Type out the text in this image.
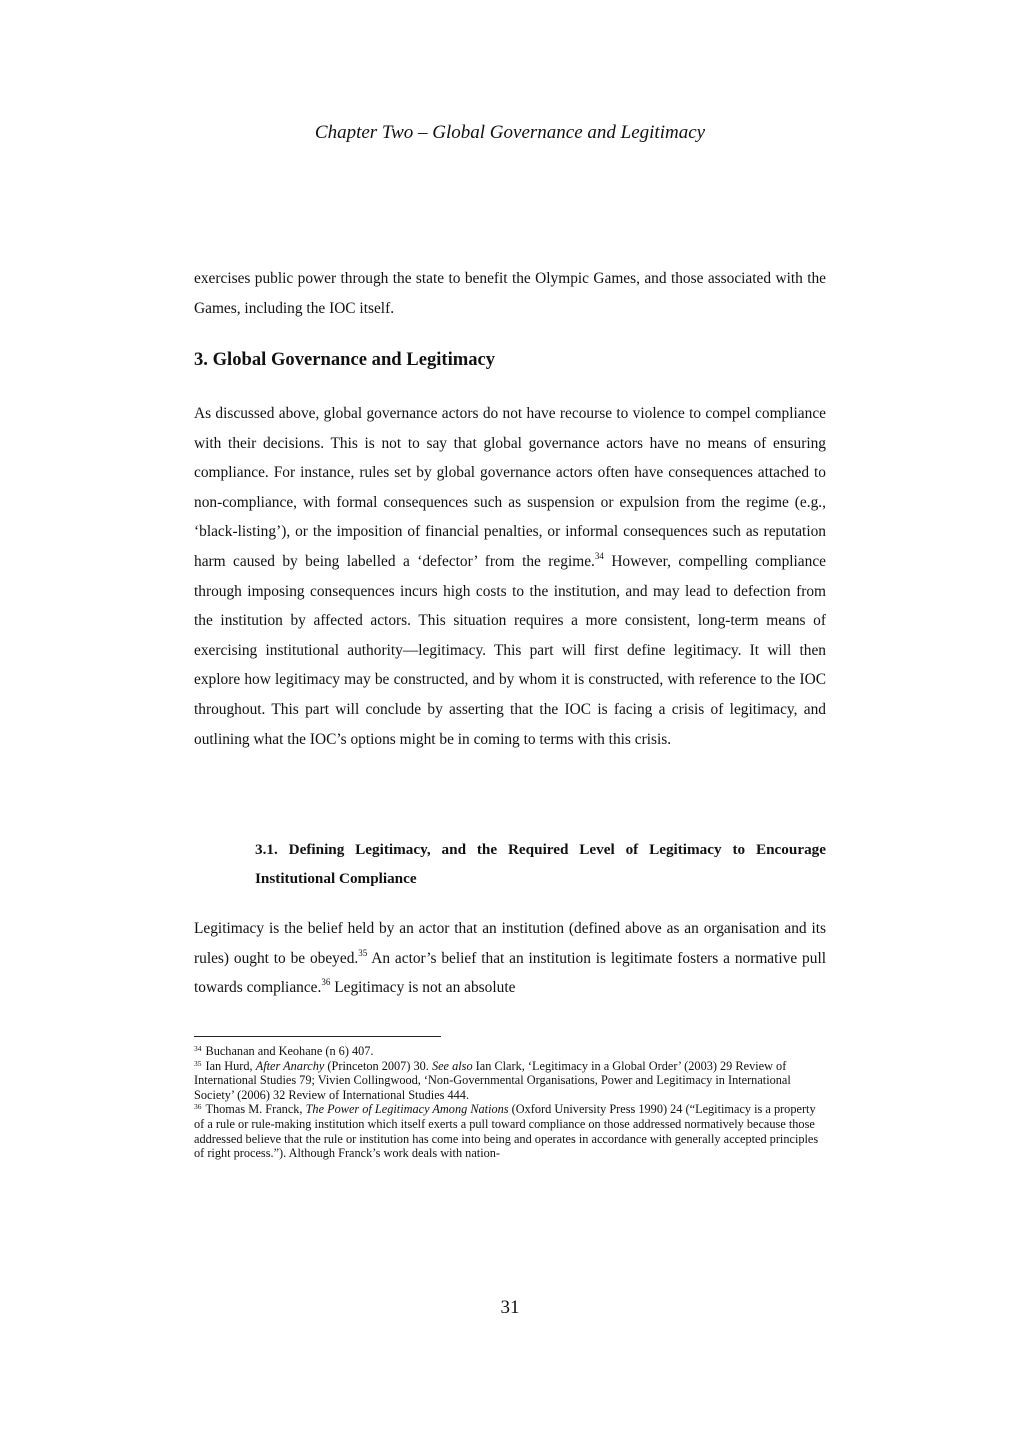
Chapter Two – Global Governance and Legitimacy

exercises public power through the state to benefit the Olympic Games, and those associated with the Games, including the IOC itself.

3. Global Governance and Legitimacy

As discussed above, global governance actors do not have recourse to violence to compel compliance with their decisions. This is not to say that global governance actors have no means of ensuring compliance. For instance, rules set by global governance actors often have consequences attached to non-compliance, with formal consequences such as suspension or expulsion from the regime (e.g., ‘black-listing’), or the imposition of financial penalties, or informal consequences such as reputation harm caused by being labelled a ‘defector’ from the regime.$^{34}$ However, compelling compliance through imposing consequences incurs high costs to the institution, and may lead to defection from the institution by affected actors. This situation requires a more consistent, long-term means of exercising institutional authority—legitimacy. This part will first define legitimacy. It will then explore how legitimacy may be constructed, and by whom it is constructed, with reference to the IOC throughout. This part will conclude by asserting that the IOC is facing a crisis of legitimacy, and outlining what the IOC’s options might be in coming to terms with this crisis.

3.1. Defining Legitimacy, and the Required Level of Legitimacy to Encourage Institutional Compliance

Legitimacy is the belief held by an actor that an institution (defined above as an organisation and its rules) ought to be obeyed.$^{35}$ An actor’s belief that an institution is legitimate fosters a normative pull towards compliance.$^{36}$ Legitimacy is not an absolute

$^{34}$ Buchanan and Keohane (n 6) 407.

$^{35}$ Ian Hurd, After Anarchy (Princeton 2007) 30. See also Ian Clark, ‘Legitimacy in a Global Order’ (2003) 29 Review of International Studies 79; Vivien Collingwood, ‘Non-Governmental Organisations, Power and Legitimacy in International Society’ (2006) 32 Review of International Studies 444.

$^{36}$ Thomas M. Franck, The Power of Legitimacy Among Nations (Oxford University Press 1990) 24 (“Legitimacy is a property of a rule or rule-making institution which itself exerts a pull toward compliance on those addressed normatively because those addressed believe that the rule or institution has come into being and operates in accordance with generally accepted principles of right process.”). Although Franck’s work deals with nation-

31
